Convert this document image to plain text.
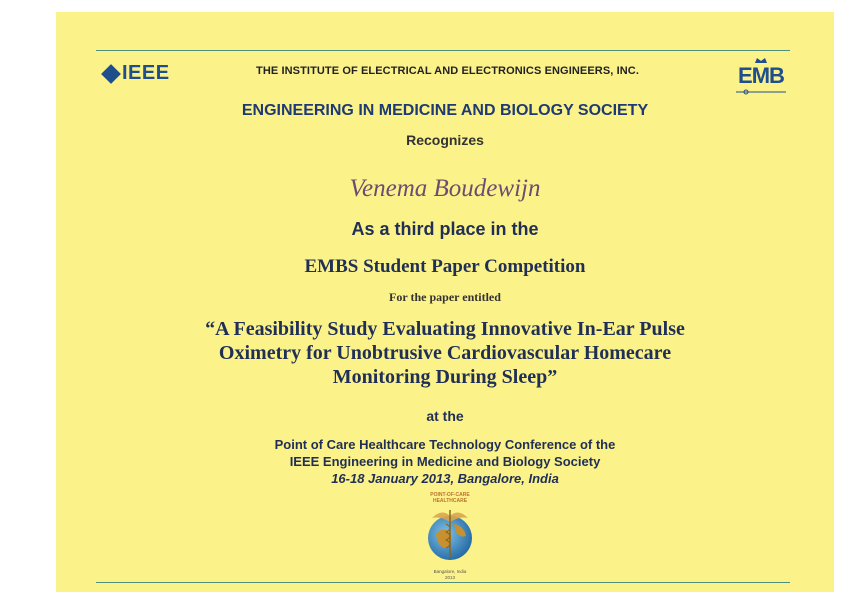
IEEE	THE INSTITUTE OF ELECTRICAL AND ELECTRONICS ENGINEERS, INC.	EMB
ENGINEERING IN MEDICINE AND BIOLOGY SOCIETY
Recognizes
Venema Boudewijn
As a third place in the
EMBS Student Paper Competition
For the paper entitled
“A Feasibility Study Evaluating Innovative In-Ear Pulse
Oximetry for Unobtrusive Cardiovascular Homecare
Monitoring During Sleep”
at the
Point of Care Healthcare Technology Conference of the
IEEE Engineering in Medicine and Biology Society
16-18 January 2013, Bangalore, India
POINT-OF-CARE
HEALTHCARE
Bangalore, India
2013
